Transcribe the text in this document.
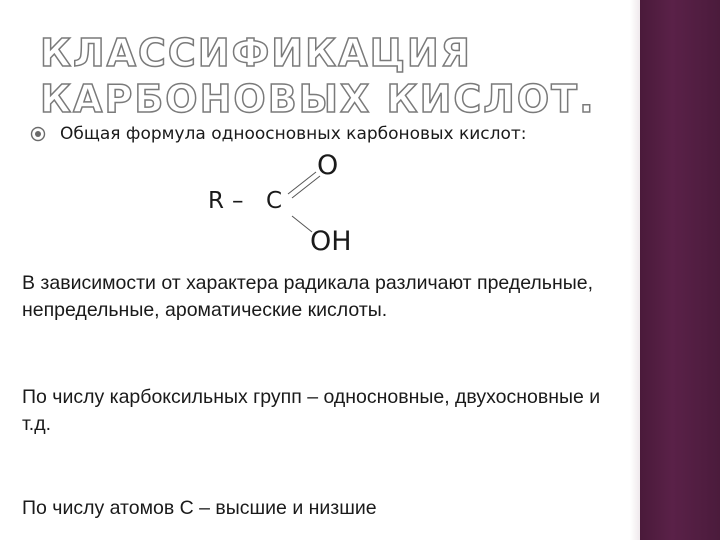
КЛАССИФИКАЦИЯ КАРБОНОВЫХ КИСЛОТ.
Общая формула одноосновных карбоновых кислот:
R – C
O
OH

В зависимости от характера радикала различают предельные, непредельные, ароматические кислоты.

По числу карбоксильных групп – односновные, двухосновные и т.д.

По числу атомов С – высшие и низшие
